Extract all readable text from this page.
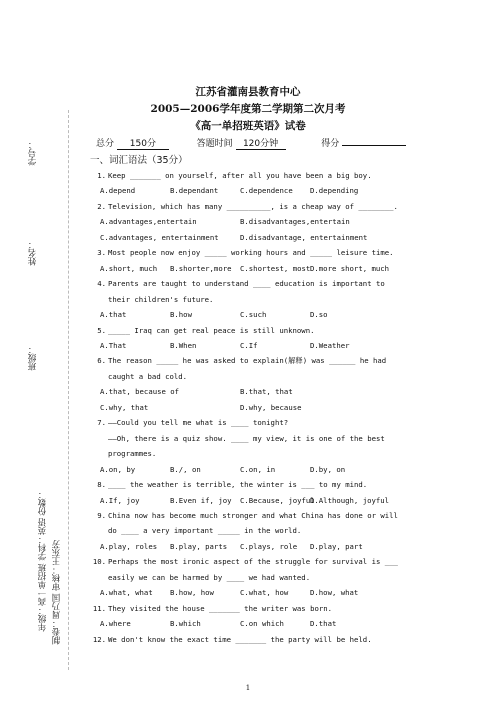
学号：
姓名：
班级：
年级：高一单招班 学科：英语 份数： 制卷：周乃国 审核：王东芳
江苏省灌南县教育中心
2005—2006学年度第二学期第二次月考
《高一单招班英语》试卷
总分 150分	答题时间 120分钟	得分
一、词汇语法（35分）
1. Keep _______ on yourself, after all you have been a big boy.
A.depend	B.dependant	C.dependence	D.depending
2. Television, which has many __________, is a cheap way of ________.
A.advantages,entertain	B.disadvantages,entertain
C.advantages, entertainment	D.disadvantage, entertainment
3. Most people now enjoy _____ working hours and _____ leisure time.
A.short, much	B.shorter,more	C.shortest, most D.more short, much
4. Parents are taught to understand ____ education is important to
their children's future.
A.that	B.how	C.such	D.so
5. _____ Iraq can get real peace is still unknown.
A.That	B.When	C.If	D.Weather
6. The reason _____ he was asked to explain(解释) was ______ he had
caught a bad cold.
A.that, because of	B.that, that
C.why, that	D.why, because
7. ——Could you tell me what is ____ tonight?
——Oh, there is a quiz show. ____ my view, it is one of the best
programmes.
A.on, by	B./, on	C.on, in	D.by, on
8. ____ the weather is terrible, the winter is ___ to my mind.
A.If, joy	B.Even if, joy	C.Because, joyful
D.Although, joyful
9. China now has become much stronger and what China has done or will
do ____ a very important _____ in the world.
A.play, roles	B.play, parts	C.plays, role	D.play, part
10. Perhaps the most ironic aspect of the struggle for survival is ___
easily we can be harmed by ____ we had wanted.
A.what, what	B.how, how	C.what, how	D.how, what
11. They visited the house _______ the writer was born.
A.where	B.which	C.on which	D.that
12. We don't know the exact time _______ the party will be held.
1
